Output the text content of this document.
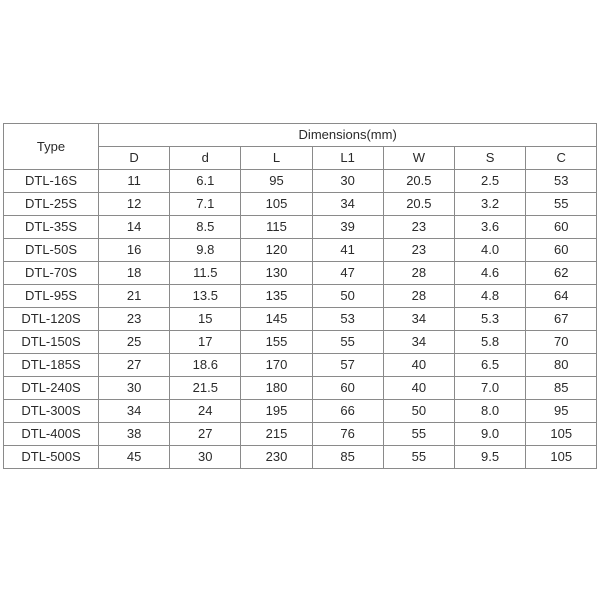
Type	Dimensions(mm)						
	D	d	L	L1	W	S	C
DTL-16S	11	6.1	95	30	20.5	2.5	53
DTL-25S	12	7.1	105	34	20.5	3.2	55
DTL-35S	14	8.5	115	39	23	3.6	60
DTL-50S	16	9.8	120	41	23	4.0	60
DTL-70S	18	11.5	130	47	28	4.6	62
DTL-95S	21	13.5	135	50	28	4.8	64
DTL-120S	23	15	145	53	34	5.3	67
DTL-150S	25	17	155	55	34	5.8	70
DTL-185S	27	18.6	170	57	40	6.5	80
DTL-240S	30	21.5	180	60	40	7.0	85
DTL-300S	34	24	195	66	50	8.0	95
DTL-400S	38	27	215	76	55	9.0	105
DTL-500S	45	30	230	85	55	9.5	105
